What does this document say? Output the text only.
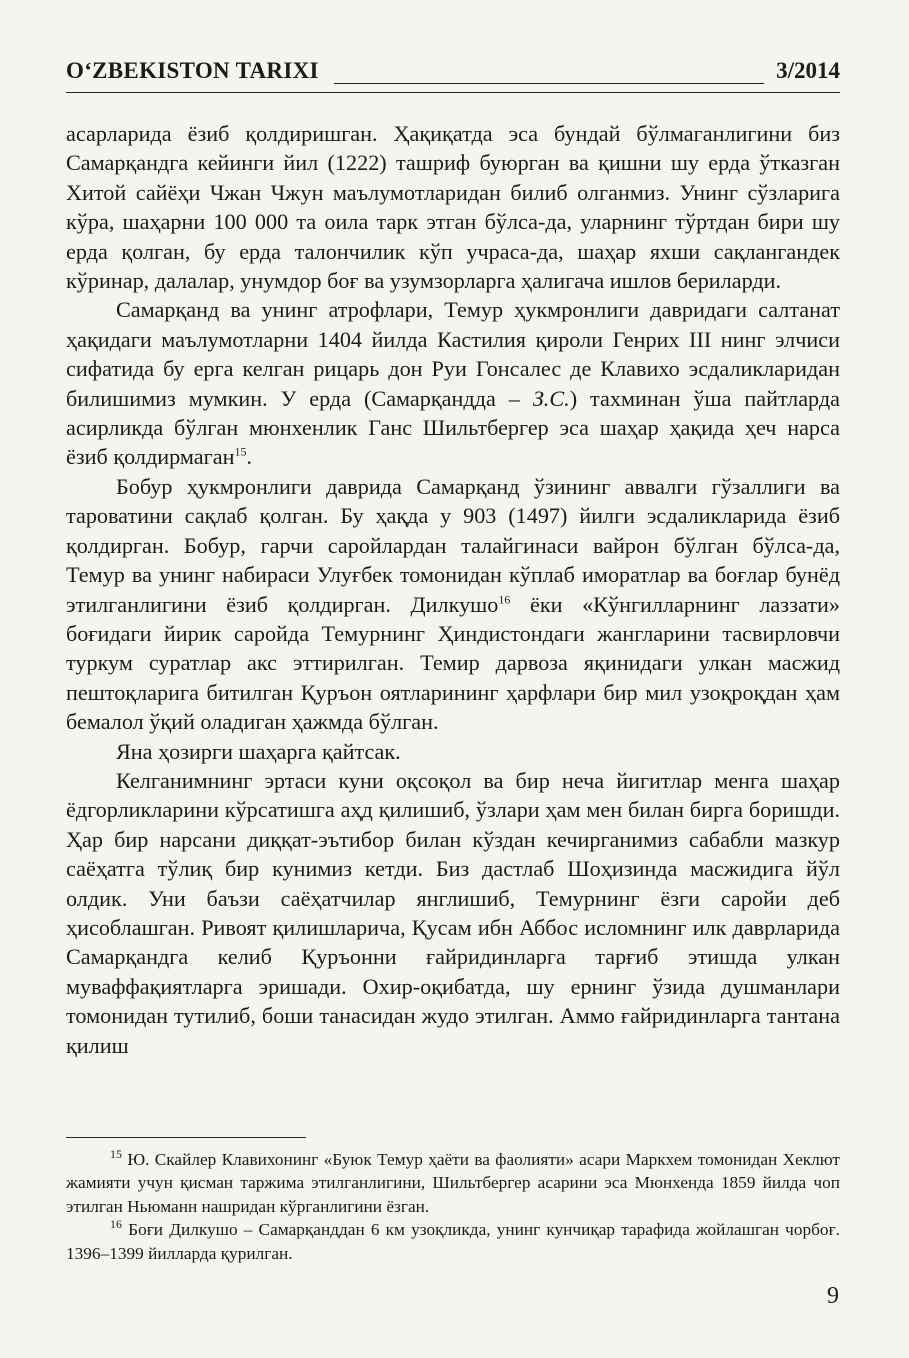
O‘ZBEKISTON TARIXI	3/2014

асарларида ёзиб қолдиришган. Ҳақиқатда эса бундай бўлмаганлигини биз Самарқандга кейинги йил (1222) ташриф буюрган ва қишни шу ерда ўтказган Хитой сайёҳи Чжан Чжун маълумотларидан билиб олганмиз. Унинг сўзларига кўра, шаҳарни 100 000 та оила тарк этган бўлса-да, уларнинг тўртдан бири шу ерда қолган, бу ерда талончилик кўп учраса-да, шаҳар яхши сақлангандек кўринар, далалар, унумдор боғ ва узумзорларга ҳалигача ишлов бериларди.

Самарқанд ва унинг атрофлари, Темур ҳукмронлиги давридаги салтанат ҳақидаги маълумотларни 1404 йилда Кастилия қироли Генрих III нинг элчиси сифатида бу ерга келган рицарь дон Руи Гонсалес де Клавихо эсдаликларидан билишимиз мумкин. У ерда (Самарқандда – З.С.) тахминан ўша пайтларда асирликда бўлган мюнхенлик Ганс Шильтбергер эса шаҳар ҳақида ҳеч нарса ёзиб қолдирмаган$^{15}$.

Бобур ҳукмронлиги даврида Самарқанд ўзининг аввалги гўзаллиги ва тароватини сақлаб қолган. Бу ҳақда у 903 (1497) йилги эсдаликларида ёзиб қолдирган. Бобур, гарчи саройлардан талайгинаси вайрон бўлган бўлса-да, Темур ва унинг набираси Улуғбек томонидан кўплаб иморатлар ва боғлар бунёд этилганлигини ёзиб қолдирган. Дилкушо$^{16}$ ёки «Кўнгилларнинг лаззати» боғидаги йирик саройда Темурнинг Ҳиндистондаги жангларини тасвирловчи туркум суратлар акс эттирилган. Темир дарвоза яқинидаги улкан масжид пештоқларига битилган Қуръон оятларининг ҳарфлари бир мил узоқроқдан ҳам бемалол ўқий оладиган ҳажмда бўлган.

Яна ҳозирги шаҳарга қайтсак.

Келганимнинг эртаси куни оқсоқол ва бир неча йигитлар менга шаҳар ёдгорликларини кўрсатишга аҳд қилишиб, ўзлари ҳам мен билан бирга боришди. Ҳар бир нарсани диққат-эътибор билан кўздан кечирганимиз сабабли мазкур саёҳатга тўлиқ бир кунимиз кетди. Биз дастлаб Шоҳизинда масжидига йўл олдик. Уни баъзи саёҳатчилар янглишиб, Темурнинг ёзги саройи деб ҳисоблашган. Ривоят қилишларича, Қусам ибн Аббос исломнинг илк даврларида Самарқандга келиб Қуръонни ғайридинларга тарғиб этишда улкан муваффақиятларга эришади. Охир-оқибатда, шу ернинг ўзида душманлари томонидан тутилиб, боши танасидан жудо этилган. Аммо ғайридинларга тантана қилиш

$^{15}$ Ю. Скайлер Клавихонинг «Буюк Темур ҳаёти ва фаолияти» асари Маркхем томонидан Хеклют жамияти учун қисман таржима этилганлигини, Шильтбергер асарини эса Мюнхенда 1859 йилда чоп этилган Ньюманн нашридан кўрганлигини ёзган.

$^{16}$ Боғи Дилкушо – Самарқанддан 6 км узоқликда, унинг кунчиқар тарафида жойлашган чорбоғ. 1396–1399 йилларда қурилган.

9
